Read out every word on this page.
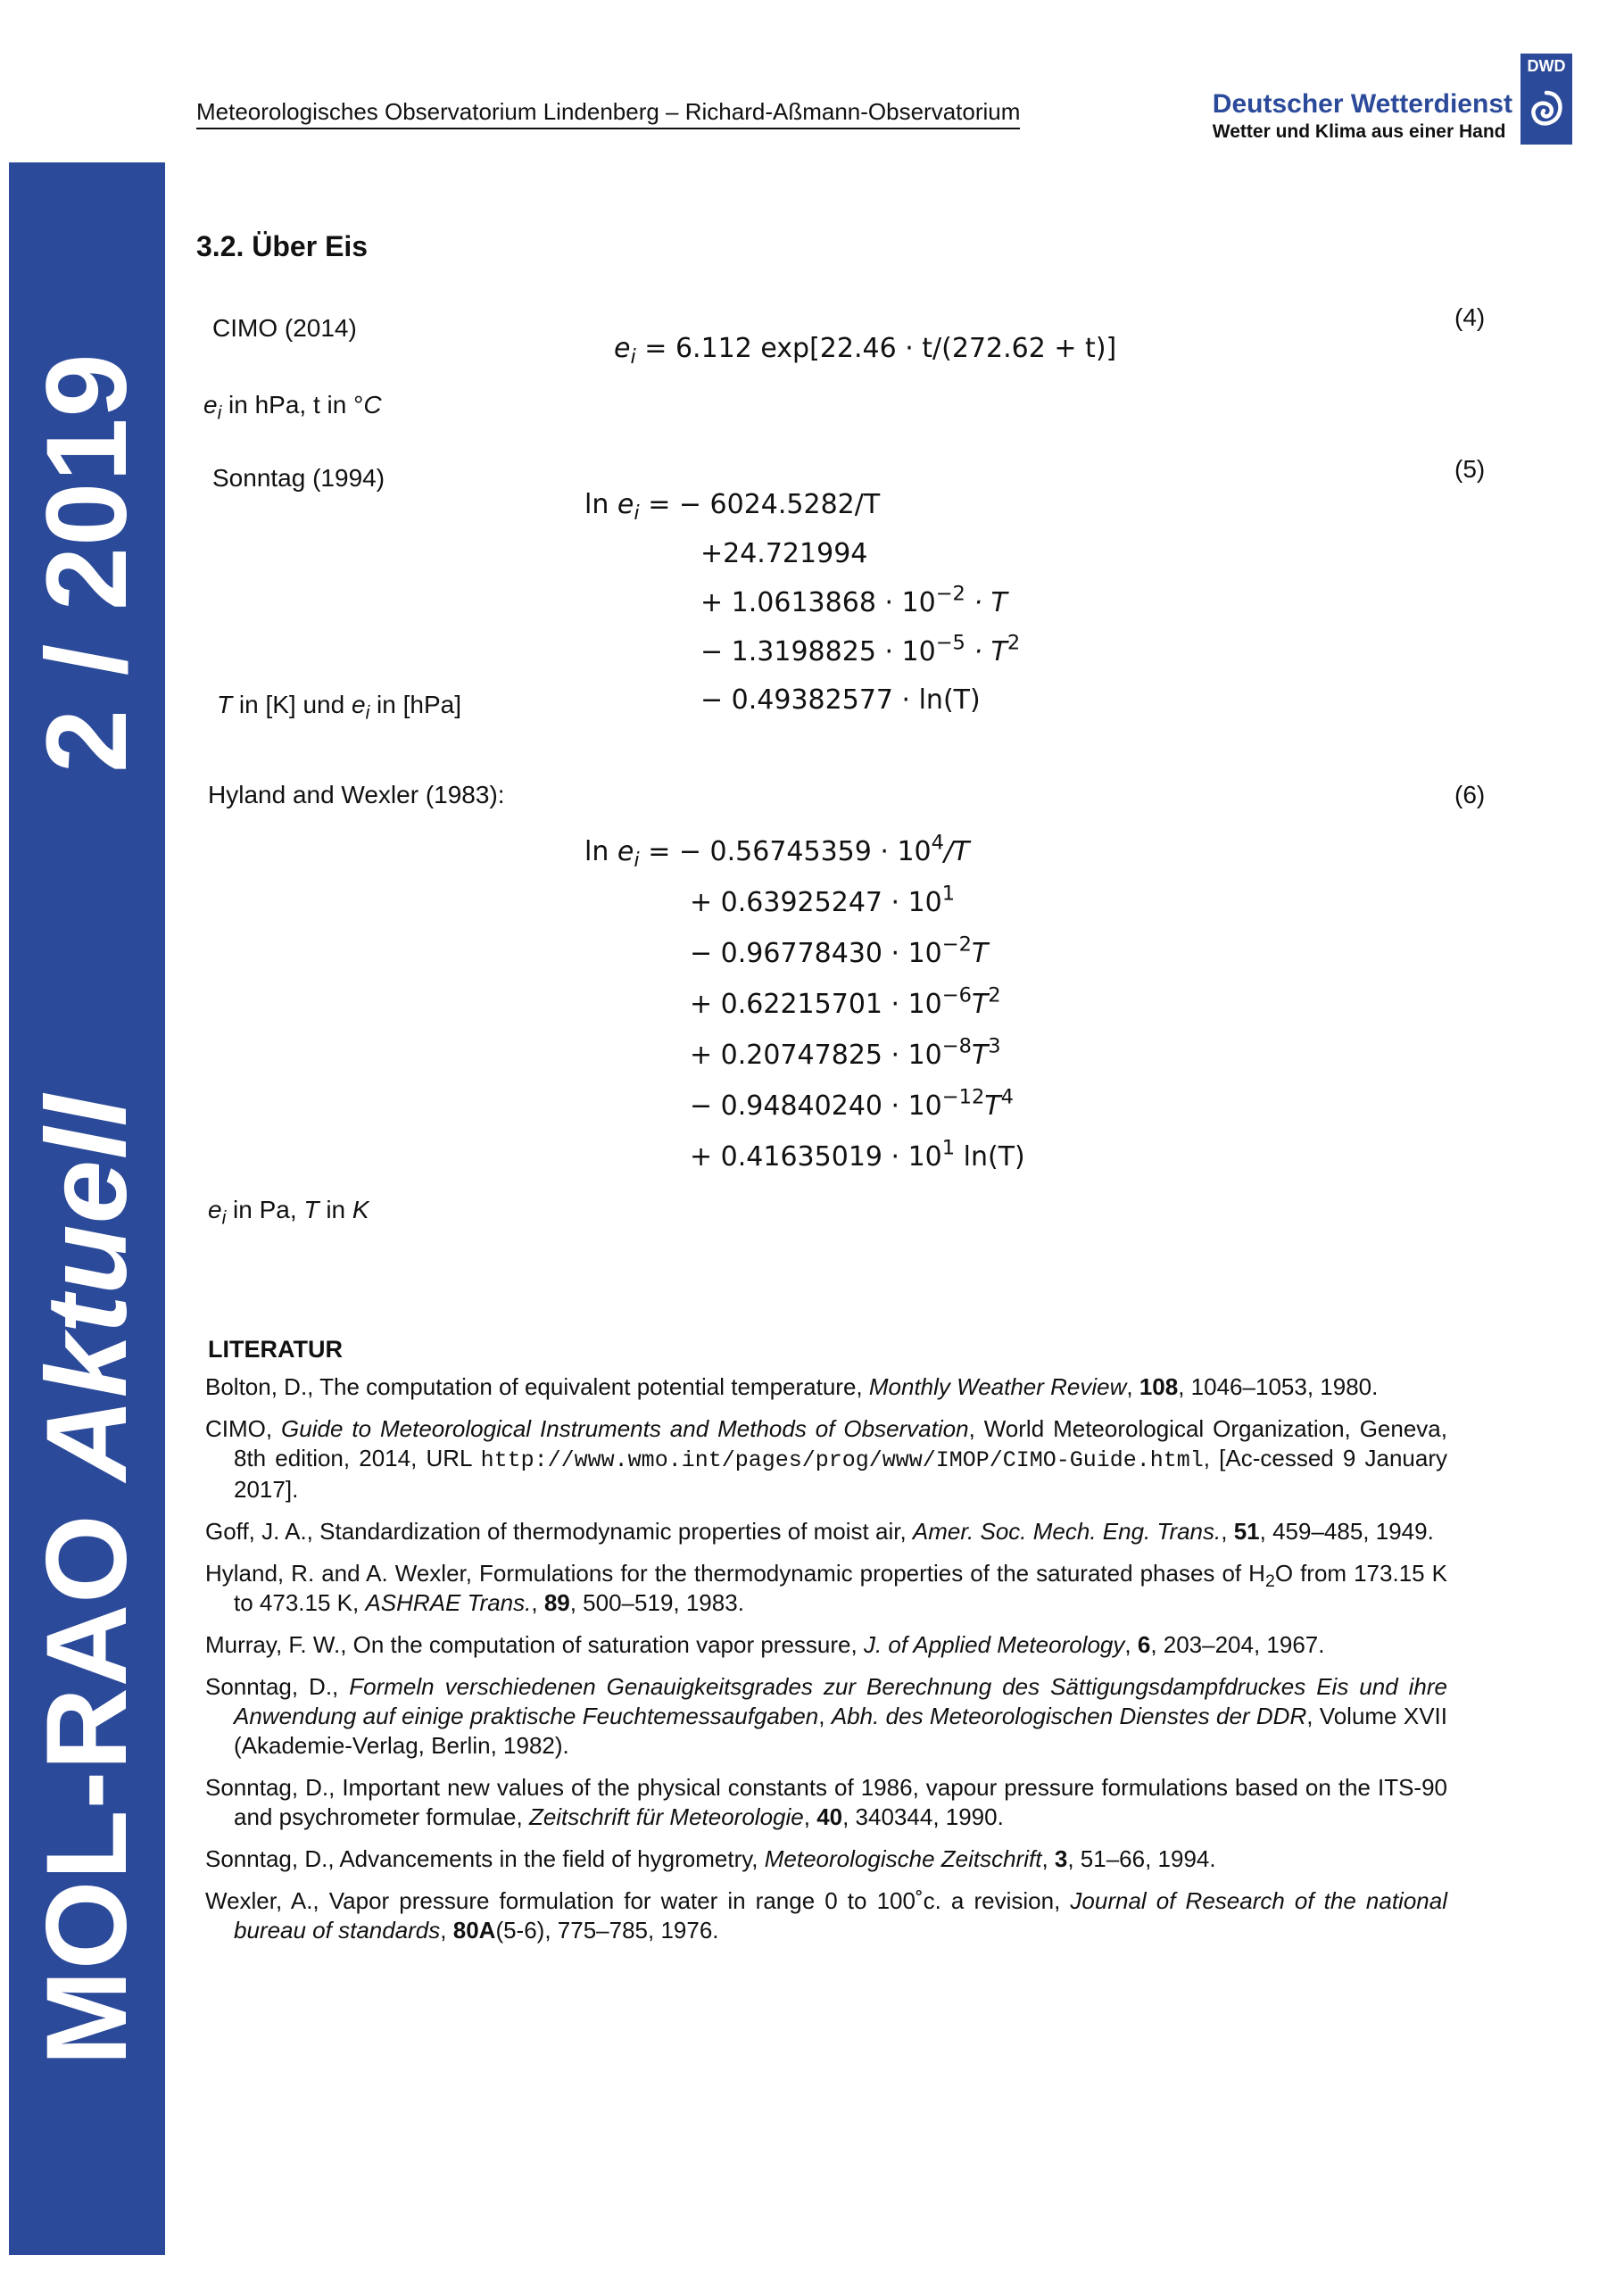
MOL-RAO Aktuell2 / 2019
Meteorologisches Observatorium Lindenberg – Richard-Aßmann-Observatorium	Deutscher Wetterdienst
Wetter und Klima aus einer Hand
DWD
3.2. Über Eis
CIMO (2014)	(4)
$e_i = 6.112$ exp[22.46 · t/(272.62 + t)]
$e_i$ in hPa, t in °C
Sonntag (1994)	(5)
$\ln e_i$ = − 6024.5282/T
+24.721994
+ $1.0613868 \cdot 10^{-2} \cdot T$
− $1.3198825 \cdot 10^{-5} \cdot T^2$
− 0.49382577 · ln(T)
T in [K] und $e_i$ in [hPa]
Hyland and Wexler (1983):	(6)
$\ln e_i$ = − $0.56745359 \cdot 10^4/T$
+ $0.63925247 \cdot 10^1$
− $0.96778430 \cdot 10^{-2}T$
+ $0.62215701 \cdot 10^{-6}T^2$
+ $0.20747825 \cdot 10^{-8}T^3$
− $0.94840240 \cdot 10^{-12}T^4$
+ $0.41635019 \cdot 10^1$ ln(T)
$e_i$ in Pa, T in K
LITERATUR
Bolton, D., The computation of equivalent potential temperature, Monthly Weather Review, 108, 1046–1053, 1980.
CIMO, Guide to Meteorological Instruments and Methods of Observation, World Meteorological Organization, Geneva, 8th edition, 2014, URL http://www.wmo.int/pages/prog/www/IMOP/CIMO-Guide.html, [Ac-cessed 9 January 2017].
Goff, J. A., Standardization of thermodynamic properties of moist air, Amer. Soc. Mech. Eng. Trans., 51, 459–485, 1949.
Hyland, R. and A. Wexler, Formulations for the thermodynamic properties of the saturated phases of $H_2O$ from 173.15 K to 473.15 K, ASHRAE Trans., 89, 500–519, 1983.
Murray, F. W., On the computation of saturation vapor pressure, J. of Applied Meteorology, 6, 203–204, 1967.
Sonntag, D., Formeln verschiedenen Genauigkeitsgrades zur Berechnung des Sättigungsdampfdruckes Eis und ihre Anwendung auf einige praktische Feuchtemessaufgaben, Abh. des Meteorologischen Dienstes der DDR, Volume XVII (Akademie-Verlag, Berlin, 1982).
Sonntag, D., Important new values of the physical constants of 1986, vapour pressure formulations based on the ITS-90 and psychrometer formulae, Zeitschrift für Meteorologie, 40, 340344, 1990.
Sonntag, D., Advancements in the field of hygrometry, Meteorologische Zeitschrift, 3, 51–66, 1994.
Wexler, A., Vapor pressure formulation for water in range 0 to 100˚c. a revision, Journal of Research of the national bureau of standards, 80A(5-6), 775–785, 1976.
